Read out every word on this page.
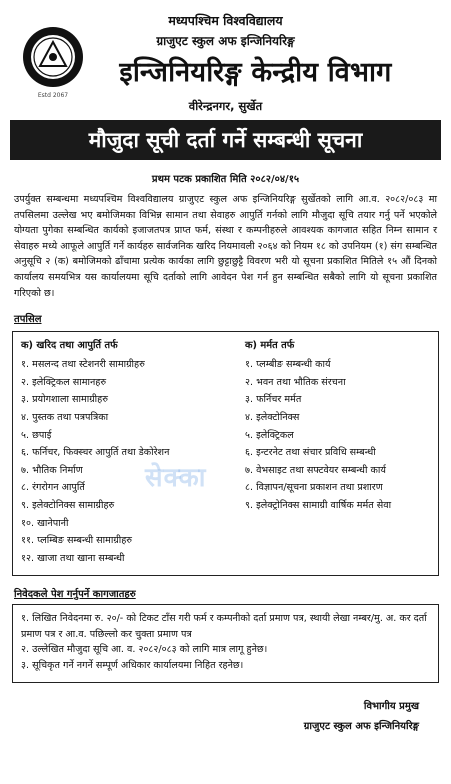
Estd 2067
मध्यपश्चिम विश्वविद्यालय
ग्राजुएट स्कुल अफ इन्जिनियरिङ्ग
इन्जिनियरिङ्ग केन्द्रीय विभाग
वीरेन्द्रनगर, सुर्खेत
मौजुदा सूची दर्ता गर्ने सम्बन्धी सूचना
प्रथम पटक प्रकाशित मिति २०८२/०४/१५
उपर्युक्त सम्बन्धमा मध्यपश्चिम विश्वविद्यालय ग्राजुएट स्कुल अफ इन्जिनियरिङ्ग सुर्खेतको लागि आ.व. २०८२/०८३ मा तपसिलमा उल्लेख भए बमोजिमका विभिन्न सामान तथा सेवाहरु आपुर्ति गर्नको लागि मौजुदा सूचि तयार गर्नु पर्ने भएकोले योग्यता पुगेका सम्बन्धित कार्यको इजाजतपत्र प्राप्त फर्म, संस्था र कम्पनीहरुले आवश्यक कागजात सहित निम्न सामान र सेवाहरु मध्ये आफूले आपुर्ति गर्ने कार्यहरु सार्वजनिक खरिद नियमावली २०६४ को नियम १८ को उपनियम (१) संग सम्बन्धित अनुसूचि २ (क) बमोजिमको ढाँचामा प्रत्येक कार्यका लागि छुट्टाछुट्टै विवरण भरी यो सूचना प्रकाशित मितिले १५ औं दिनको कार्यालय समयभित्र यस कार्यालयमा सूचि दर्ताको लागि आवेदन पेश गर्न हुन सम्बन्धित सबैको लागि यो सूचना प्रकाशित गरिएको छ।
तपसिल
सेक्का
क) खरिद तथा आपुर्ति तर्फ
१. मसलन्द तथा स्टेशनरी सामाग्रीहरु
२. इलेक्ट्रिकल सामानहरु
३. प्रयोगशाला सामाग्रीहरु
४. पुस्तक तथा पत्रपत्रिका
५. छपाई
६. फर्निचर, फिक्स्चर आपुर्ति तथा डेकोरेशन
७. भौतिक निर्माण
८. रंगरोगन आपुर्ति
९. इलेक्टोनिक्स सामाग्रीहरु
१०. खानेपानी
११. प्लम्बिङ सम्बन्धी सामाग्रीहरु
१२. खाजा तथा खाना सम्बन्धी
क) मर्मत तर्फ
१. प्लम्बीङ सम्बन्धी कार्य
२. भवन तथा भौतिक संरचना
३. फर्निचर मर्मत
४. इलेक्टोनिक्स
५. इलेक्ट्रिकल
६. इन्टरनेट तथा संचार प्रविधि सम्बन्धी
७. वेभसाइट तथा सफ्टवेयर सम्बन्धी कार्य
८. विज्ञापन/सूचना प्रकाशन तथा प्रशारण
९. इलेक्ट्रोनिक्स सामाग्री वार्षिक मर्मत सेवा
निवेदकले पेश गर्नुपर्ने कागजातहरु
१. लिखित निवेदनमा रु. २०/- को टिकट टाँस गरी फर्म र कम्पनीको दर्ता प्रमाण पत्र, स्थायी लेखा नम्बर/मु. अ. कर दर्ता प्रमाण पत्र र आ.व. पछिल्लो कर चुक्ता प्रमाण पत्र
२. उल्लेखित मौजुदा सूचि आ. व. २०८२/०८३ को लागि मात्र लागू हुनेछ।
३. सूचिकृत गर्ने नगर्ने सम्पूर्ण अधिकार कार्यालयमा निहित रहनेछ।
विभागीय प्रमुख
ग्राजुएट स्कुल अफ इन्जिनियरिङ्ग
